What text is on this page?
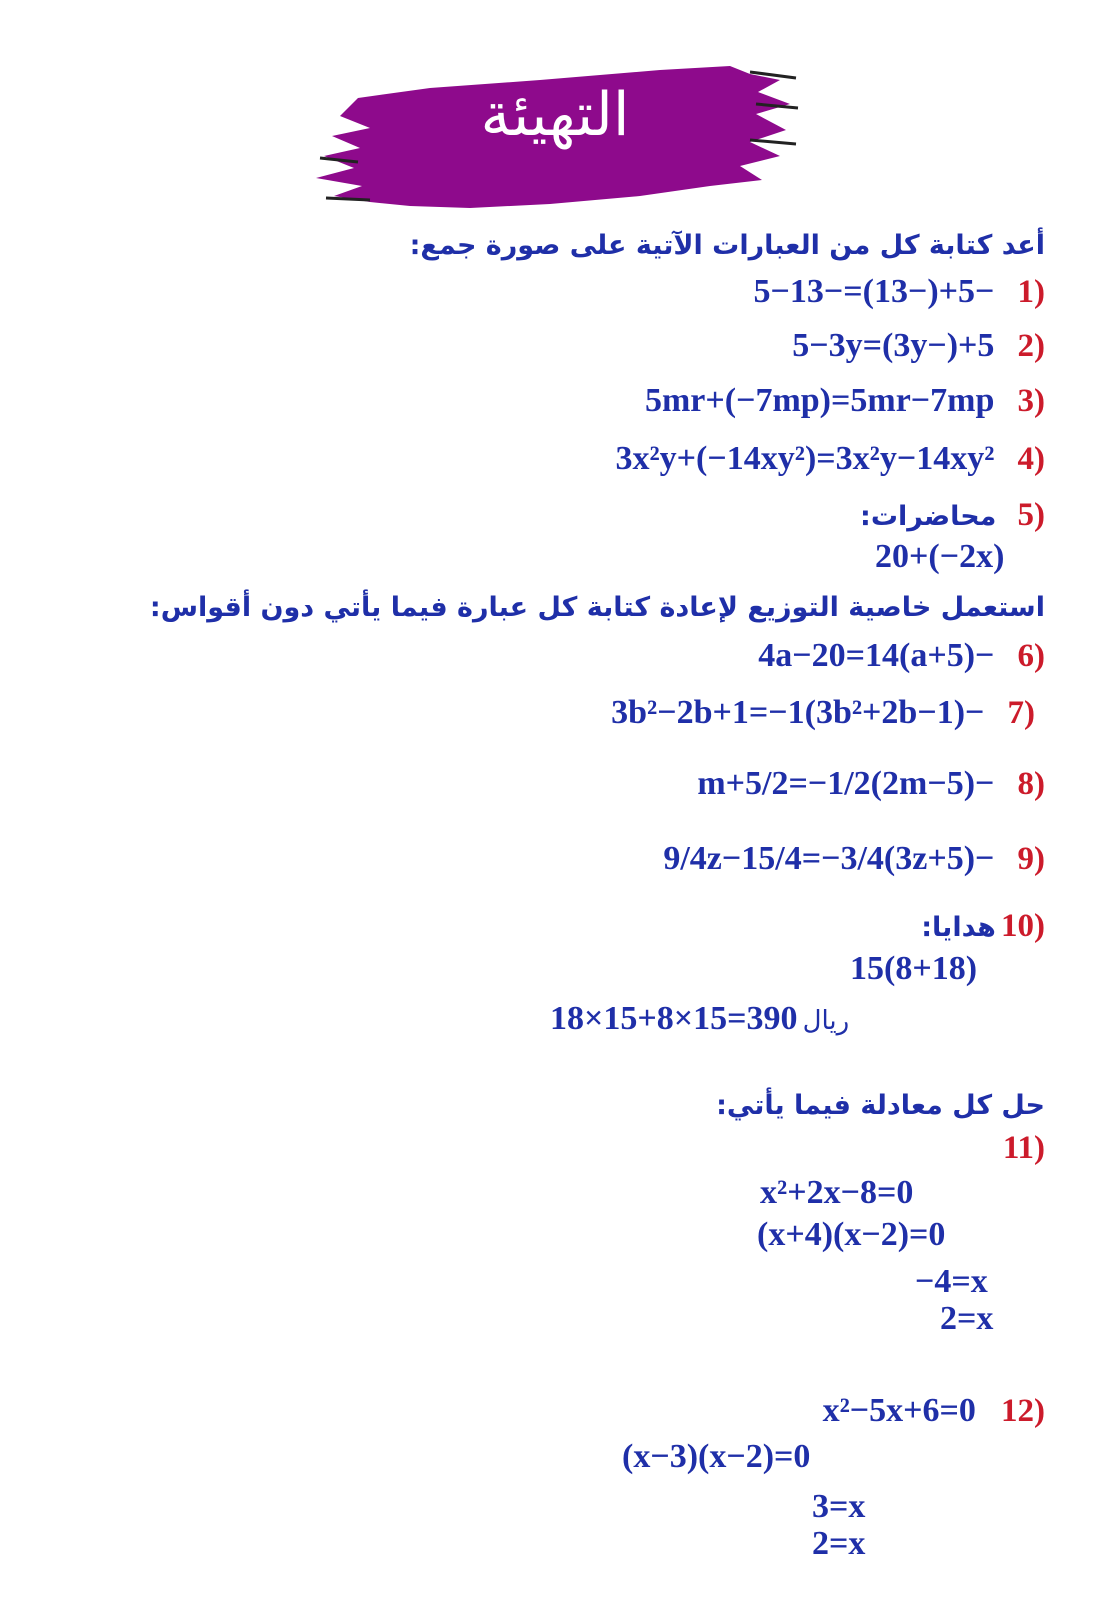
التهيئة
أعد كتابة كل من العبارات الآتية على صورة جمع:
(1 −5+(−13)=−5−13
(2 5+(−3y)=5−3y
(3 5mr+(−7mp)=5mr−7mp
(4 3x²y+(−14xy²)=3x²y−14xy²
(5 محاضرات:
20+(−2x)
استعمل خاصية التوزيع لإعادة كتابة كل عبارة فيما يأتي دون أقواس:
(6 −4a−20=14(a+5)
(7 −3b²−2b+1=−1(3b²+2b−1)
(8 −m+5/2=−1/2(2m−5)
(9 −9/4z−15/4=−3/4(3z+5)
(10 هدايا:
15(8+18)
ريال 390=15×8+15×18
حل كل معادلة فيما يأتي:
(11
x²+2x−8=0
(x+4)(x−2)=0
−4=x
2=x
(12 x²−5x+6=0
(x−3)(x−2)=0
3=x
2=x
